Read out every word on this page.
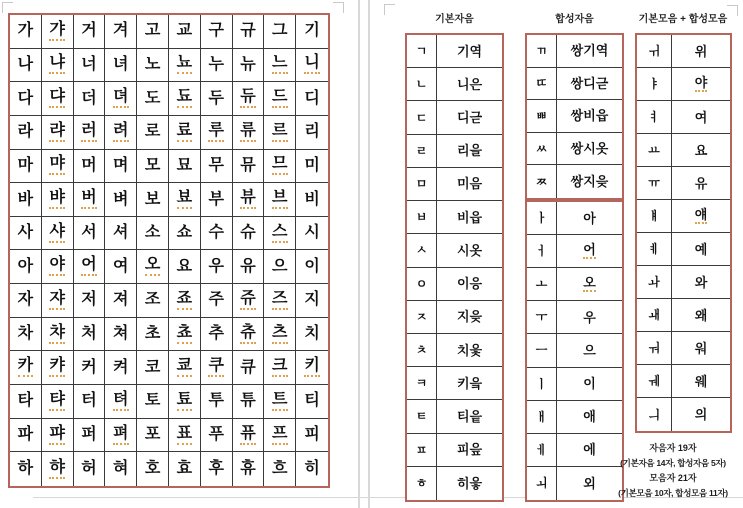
가 갸 거 겨 고 교 구 규 그 기
나 냐 너 녀 노 뇨 누 뉴 느 니
다 댜 더 뎌 도 됴 두 듀 드 디
라 랴 러 려 로 료 루 류 르 리
마 먀 머 며 모 묘 무 뮤 므 미
바 뱌 버 벼 보 뵤 부 뷰 브 비
사 샤 서 셔 소 쇼 수 슈 스 시
아 야 어 여 오 요 우 유 으 이
자 쟈 저 져 조 죠 주 쥬 즈 지
차 챠 처 쳐 초 쵸 추 츄 츠 치
카 캬 커 켜 코 쿄 쿠 큐 크 키
타 탸 터 텨 토 툐 투 튜 트 티
파 퍄 퍼 펴 포 표 푸 퓨 프 피
하 햐 허 혀 호 효 후 휴 흐 히
기본자음	합성자음	기본모음 + 합성모음
ㄱ 기역
ㄴ 니은
ㄷ 디귿
ㄹ 리을
ㅁ 미음
ㅂ 비읍
ㅅ 시옷
ㅇ 이응
ㅈ 지읒
ㅊ 치읓
ㅋ 키읔
ㅌ 티읕
ㅍ 피읖
ㅎ 히읗
ㄲ 쌍기역
ㄸ 쌍디귿
ㅃ 쌍비읍
ㅆ 쌍시옷
ㅉ 쌍지읒
ㅏ	아
ㅓ	어
ㅗ	오
ㅜ	우
ㅡ	으
ㅣ	이
ㅐ	애
ㅔ	에
ㅚ	외
ㅟ	위
ㅑ	야
ㅕ	여
ㅛ	요
ㅠ	유
ㅒ	얘
ㅖ	예
ㅘ	와
ㅙ	왜
ㅝ	워
ㅞ	웨
ㅢ	의
자음자 19자
(기본자음 14자, 합성자음 5자)
모음자 21자
(기본모음 10자, 합성모음 11자)
